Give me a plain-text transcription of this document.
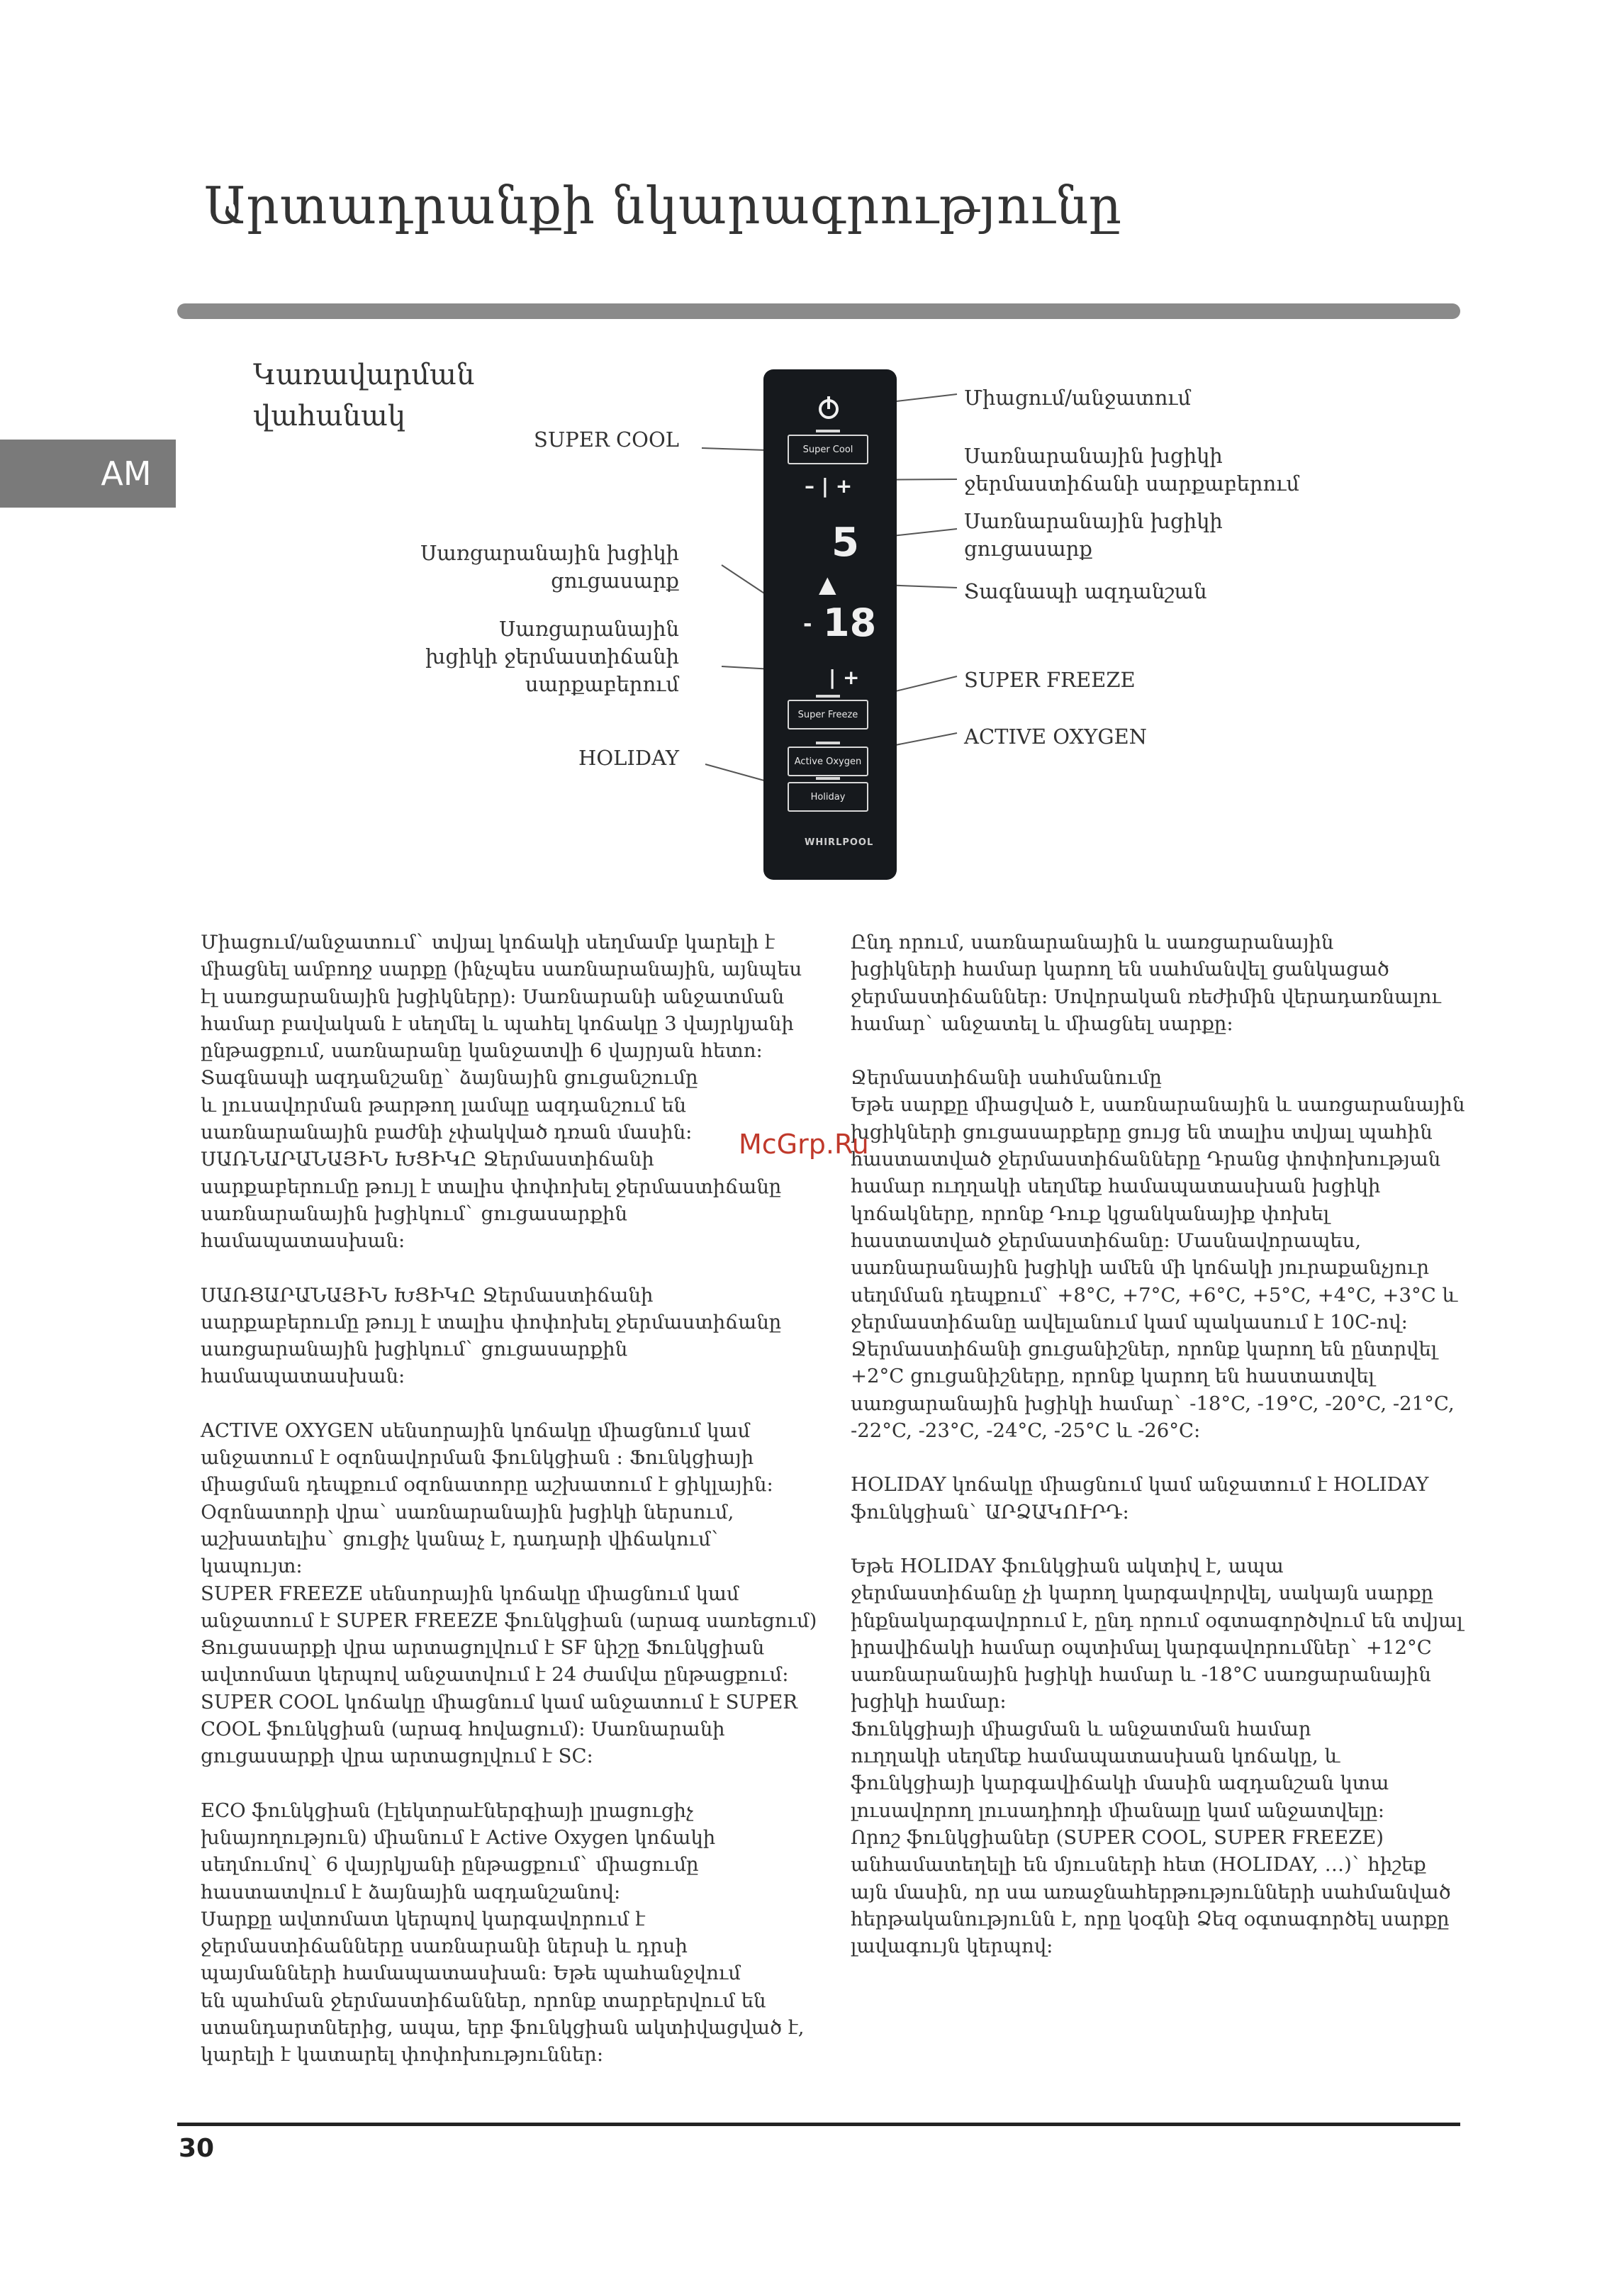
Արտադրանքի նկարագրությունը
AM
Կառավարման
վահանակ
SUPER COOL
Սառցարանային խցիկի
ցուցասարք
Սառցարանային
խցիկի ջերմաստիճանի
սարքաբերում
HOLIDAY
Միացում/անջատում
Սառնարանային խցիկի
ջերմաստիճանի սարքաբերում
Սառնարանային խցիկի
ցուցասարք
Տագնապի ազդանշան
SUPER FREEZE
ACTIVE OXYGEN
Super Cool
– | +
5
▲
- 18
| +
Super Freeze
Active Oxygen
Holiday
WHIRLPOOL

Միացում/անջատում` տվյալ կոճակի սեղմամբ կարելի է
միացնել ամբողջ սարքը (ինչպես սառնարանային, այնպես
էլ սառցարանային խցիկները): Սառնարանի անջատման
համար բավական է սեղմել և պահել կոճակը 3 վայրկյանի
ընթացքում, սառնարանը կանջատվի 6 վայրյան հետո:
Տագնապի ազդանշանը` ձայնային ցուցանշումը
և լուսավորման թարթող լամպը ազդանշում են
սառնարանային բաժնի չփակված դռան մասին:
ՍԱՌՆԱՐԱՆԱՅԻՆ ԽՑԻԿԸ Ջերմաստիճանի
սարքաբերումը թույլ է տալիս փոփոխել ջերմաստիճանը
սառնարանային խցիկում` ցուցասարքին
համապատասխան:

ՍԱՌՑԱՐԱՆԱՅԻՆ ԽՑԻԿԸ Ջերմաստիճանի
սարքաբերումը թույլ է տալիս փոփոխել ջերմաստիճանը
սառցարանային խցիկում` ցուցասարքին
համապատասխան:

ACTIVE OXYGEN սենսորային կոճակը միացնում կամ
անջատում է օզոնավորման ֆունկցիան : Ֆունկցիայի
միացման դեպքում օզոնատորը աշխատում է ցիկլային:
Օզոնատորի վրա` սառնարանային խցիկի ներսում,
աշխատելիս` ցուցիչ կանաչ է, դադարի վիճակում`
կապույտ:

SUPER FREEZE սենսորային կոճակը միացնում կամ
անջատում է SUPER FREEZE ֆունկցիան (արագ սառեցում)
Ցուցասարքի վրա արտացոլվում է SF նիշը Ֆունկցիան
ավտոմատ կերպով անջատվում է 24 ժամվա ընթացքում:
SUPER COOL կոճակը միացնում կամ անջատում է SUPER
COOL ֆունկցիան (արագ հովացում): Սառնարանի
ցուցասարքի վրա արտացոլվում է SC:

ECO ֆունկցիան (էլեկտրաէներգիայի լրացուցիչ
խնայողություն) միանում է Active Oxygen կոճակի
սեղմումով` 6 վայրկյանի ընթացքում` միացումը
հաստատվում է ձայնային ազդանշանով:
Սարքը ավտոմատ կերպով կարգավորում է
ջերմաստիճանները սառնարանի ներսի և դրսի
պայմանների համապատասխան: Եթե պահանջվում
են պահման ջերմաստիճաններ, որոնք տարբերվում են
ստանդարտներից, ապա, երբ ֆունկցիան ակտիվացված է,
կարելի է կատարել փոփոխություններ:

Ընդ որում, սառնարանային և սառցարանային
խցիկների համար կարող են սահմանվել ցանկացած
ջերմաստիճաններ: Սովորական ռեժիմին վերադառնալու
համար` անջատել և միացնել սարքը:

Ջերմաստիճանի սահմանումը
Եթե սարքը միացված է, սառնարանային և սառցարանային
խցիկների ցուցասարքերը ցույց են տալիս տվյալ պահին
հաստատված ջերմաստիճանները Դրանց փոփոխության
համար ուղղակի սեղմեք համապատասխան խցիկի
կոճակները, որոնք Դուք կցանկանայիք փոխել
հաստատված ջերմաստիճանը: Մասնավորապես,
սառնարանային խցիկի ամեն մի կոճակի յուրաքանչյուր
սեղմման դեպքում` +8°C, +7°C, +6°C, +5°C, +4°C, +3°C և
ջերմաստիճանը ավելանում կամ պակասում է 10C-ով:
Ջերմաստիճանի ցուցանիշներ, որոնք կարող են ընտրվել
+2°C ցուցանիշները, որոնք կարող են հաստատվել
սառցարանային խցիկի համար` -18°C, -19°C, -20°C, -21°C,
-22°C, -23°C, -24°C, -25°C և -26°C:

HOLIDAY կոճակը միացնում կամ անջատում է HOLIDAY
ֆունկցիան` ԱՐՁԱԿՈՒՐԴ:

Եթե HOLIDAY ֆունկցիան ակտիվ է, ապա
ջերմաստիճանը չի կարող կարգավորվել, սակայն սարքը
ինքնակարգավորում է, ընդ որում օգտագործվում են տվյալ
իրավիճակի համար օպտիմալ կարգավորումներ` +12°C
սառնարանային խցիկի համար և -18°C սառցարանային
խցիկի համար:
Ֆունկցիայի միացման և անջատման համար
ուղղակի սեղմեք համապատասխան կոճակը, և
ֆունկցիայի կարգավիճակի մասին ազդանշան կտա
լուսավորող լուսադիոդի միանալը կամ անջատվելը:
Որոշ ֆունկցիաներ (SUPER COOL, SUPER FREEZE)
անհամատեղելի են մյուսների հետ (HOLIDAY, …)` հիշեք
այն մասին, որ սա առաջնահերթությունների սահմանված
հերթականությունն է, որը կօգնի Ձեզ օգտագործել սարքը
լավագույն կերպով:

McGrp.Ru
30
